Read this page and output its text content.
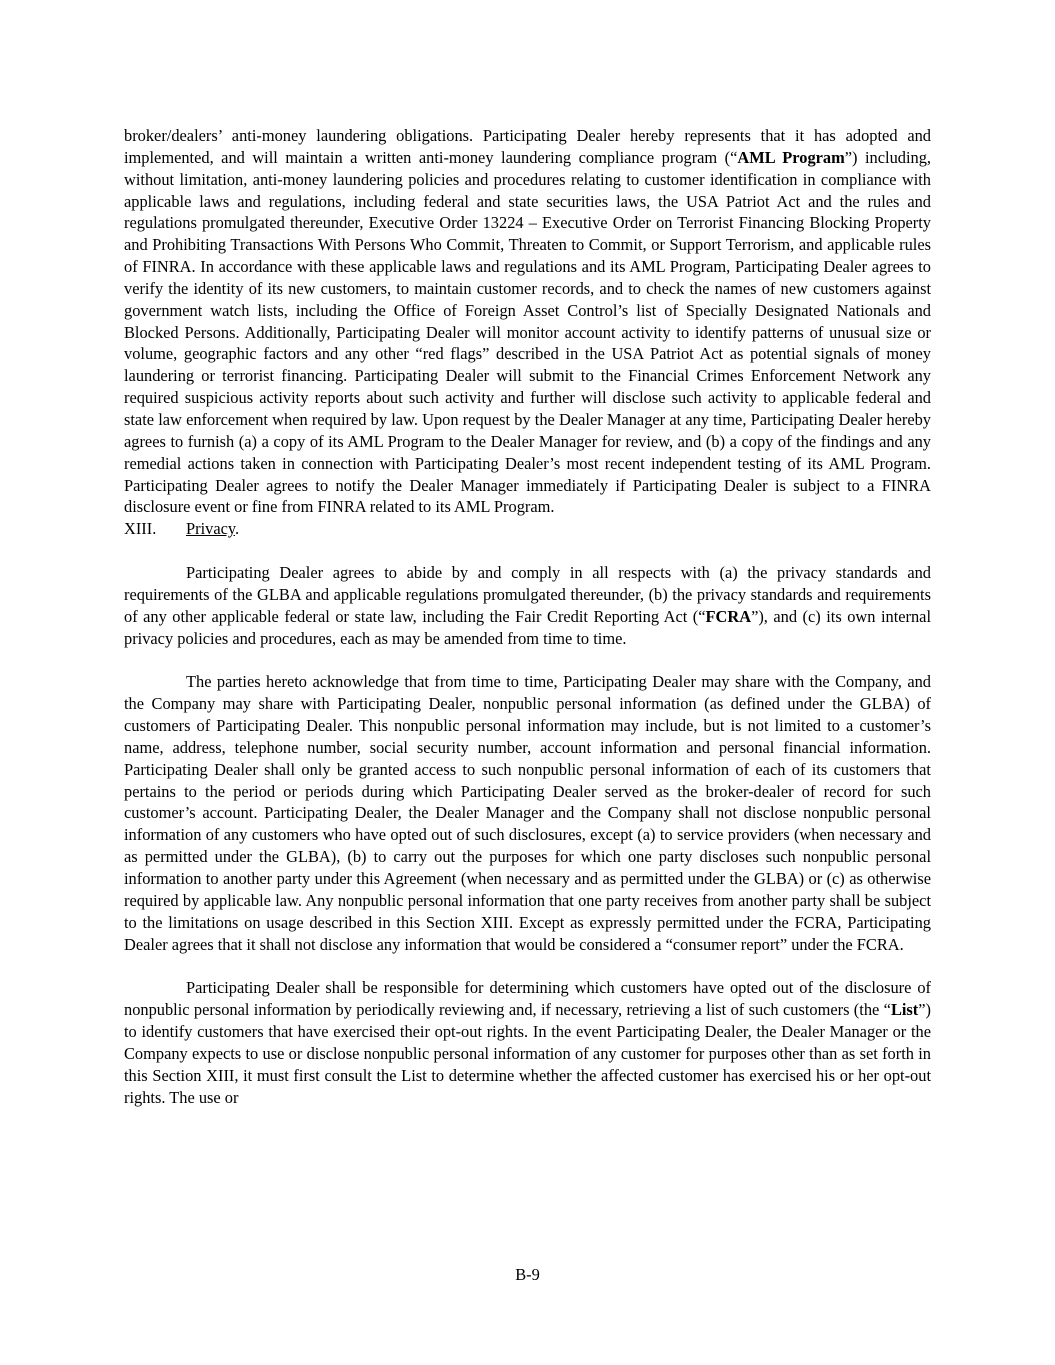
broker/dealers’ anti-money laundering obligations. Participating Dealer hereby represents that it has adopted and implemented, and will maintain a written anti-money laundering compliance program (“AML Program”) including, without limitation, anti-money laundering policies and procedures relating to customer identification in compliance with applicable laws and regulations, including federal and state securities laws, the USA Patriot Act and the rules and regulations promulgated thereunder, Executive Order 13224 – Executive Order on Terrorist Financing Blocking Property and Prohibiting Transactions With Persons Who Commit, Threaten to Commit, or Support Terrorism, and applicable rules of FINRA. In accordance with these applicable laws and regulations and its AML Program, Participating Dealer agrees to verify the identity of its new customers, to maintain customer records, and to check the names of new customers against government watch lists, including the Office of Foreign Asset Control’s list of Specially Designated Nationals and Blocked Persons. Additionally, Participating Dealer will monitor account activity to identify patterns of unusual size or volume, geographic factors and any other “red flags” described in the USA Patriot Act as potential signals of money laundering or terrorist financing. Participating Dealer will submit to the Financial Crimes Enforcement Network any required suspicious activity reports about such activity and further will disclose such activity to applicable federal and state law enforcement when required by law. Upon request by the Dealer Manager at any time, Participating Dealer hereby agrees to furnish (a) a copy of its AML Program to the Dealer Manager for review, and (b) a copy of the findings and any remedial actions taken in connection with Participating Dealer’s most recent independent testing of its AML Program. Participating Dealer agrees to notify the Dealer Manager immediately if Participating Dealer is subject to a FINRA disclosure event or fine from FINRA related to its AML Program.

XIII. Privacy.

Participating Dealer agrees to abide by and comply in all respects with (a) the privacy standards and requirements of the GLBA and applicable regulations promulgated thereunder, (b) the privacy standards and requirements of any other applicable federal or state law, including the Fair Credit Reporting Act (“FCRA”), and (c) its own internal privacy policies and procedures, each as may be amended from time to time.

The parties hereto acknowledge that from time to time, Participating Dealer may share with the Company, and the Company may share with Participating Dealer, nonpublic personal information (as defined under the GLBA) of customers of Participating Dealer. This nonpublic personal information may include, but is not limited to a customer’s name, address, telephone number, social security number, account information and personal financial information. Participating Dealer shall only be granted access to such nonpublic personal information of each of its customers that pertains to the period or periods during which Participating Dealer served as the broker-dealer of record for such customer’s account. Participating Dealer, the Dealer Manager and the Company shall not disclose nonpublic personal information of any customers who have opted out of such disclosures, except (a) to service providers (when necessary and as permitted under the GLBA), (b) to carry out the purposes for which one party discloses such nonpublic personal information to another party under this Agreement (when necessary and as permitted under the GLBA) or (c) as otherwise required by applicable law. Any nonpublic personal information that one party receives from another party shall be subject to the limitations on usage described in this Section XIII. Except as expressly permitted under the FCRA, Participating Dealer agrees that it shall not disclose any information that would be considered a “consumer report” under the FCRA.

Participating Dealer shall be responsible for determining which customers have opted out of the disclosure of nonpublic personal information by periodically reviewing and, if necessary, retrieving a list of such customers (the “List”) to identify customers that have exercised their opt-out rights. In the event Participating Dealer, the Dealer Manager or the Company expects to use or disclose nonpublic personal information of any customer for purposes other than as set forth in this Section XIII, it must first consult the List to determine whether the affected customer has exercised his or her opt-out rights. The use or

B-9
